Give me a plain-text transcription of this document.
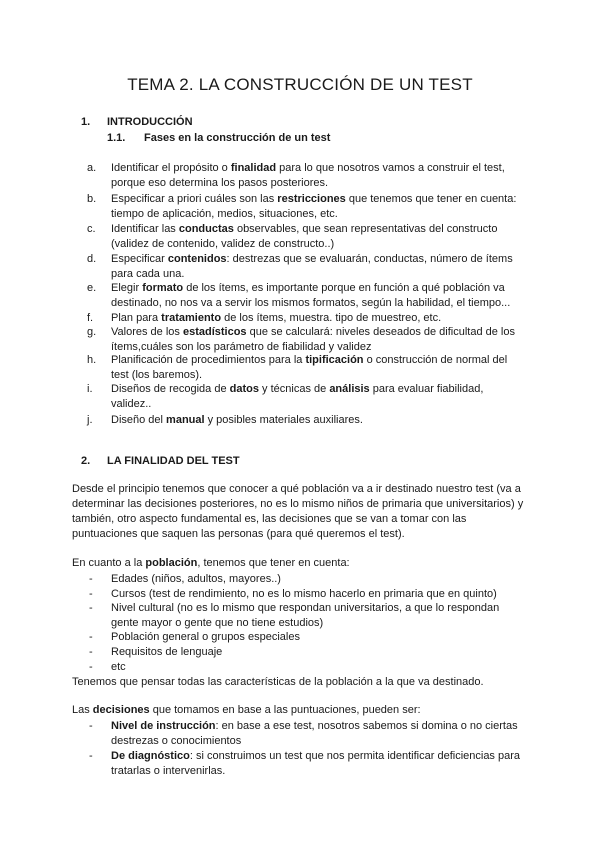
TEMA 2. LA CONSTRUCCIÓN DE UN TEST
1. INTRODUCCIÓN
1.1. Fases en la construcción de un test
a.	Identificar el propósito o finalidad para lo que nosotros vamos a construir el test,
porque eso determina los pasos posteriores.
b.	Especificar a priori cuáles son las restricciones que tenemos que tener en cuenta:
tiempo de aplicación, medios, situaciones, etc.
c.	Identificar las conductas observables, que sean representativas del constructo
(validez de contenido, validez de constructo..)
d.	Especificar contenidos: destrezas que se evaluarán, conductas, número de ítems
para cada una.
e.	Elegir formato de los ítems, es importante porque en función a qué población va
destinado, no nos va a servir los mismos formatos, según la habilidad, el tiempo...
f.	Plan para tratamiento de los ítems, muestra. tipo de muestreo, etc.
g.	Valores de los estadísticos que se calculará: niveles deseados de dificultad de los
ítems,cuáles son los parámetro de fiabilidad y validez
h.	Planificación de procedimientos para la tipificación o construcción de normal del
test (los baremos).
i.	Diseños de recogida de datos y técnicas de análisis para evaluar fiabilidad,
validez..
j.	Diseño del manual y posibles materiales auxiliares.
2. LA FINALIDAD DEL TEST
Desde el principio tenemos que conocer a qué población va a ir destinado nuestro test (va a
determinar las decisiones posteriores, no es lo mismo niños de primaria que universitarios) y
también, otro aspecto fundamental es, las decisiones que se van a tomar con las
puntuaciones que saquen las personas (para qué queremos el test).
En cuanto a la población, tenemos que tener en cuenta:
-	Edades (niños, adultos, mayores..)
-	Cursos (test de rendimiento, no es lo mismo hacerlo en primaria que en quinto)
-	Nivel cultural (no es lo mismo que respondan universitarios, a que lo respondan
gente mayor o gente que no tiene estudios)
-	Población general o grupos especiales
-	Requisitos de lenguaje
-	etc
Tenemos que pensar todas las características de la población a la que va destinado.
Las decisiones que tomamos en base a las puntuaciones, pueden ser:
-	Nivel de instrucción: en base a ese test, nosotros sabemos si domina o no ciertas
destrezas o conocimientos
-	De diagnóstico: si construimos un test que nos permita identificar deficiencias para
tratarlas o intervenirlas.
